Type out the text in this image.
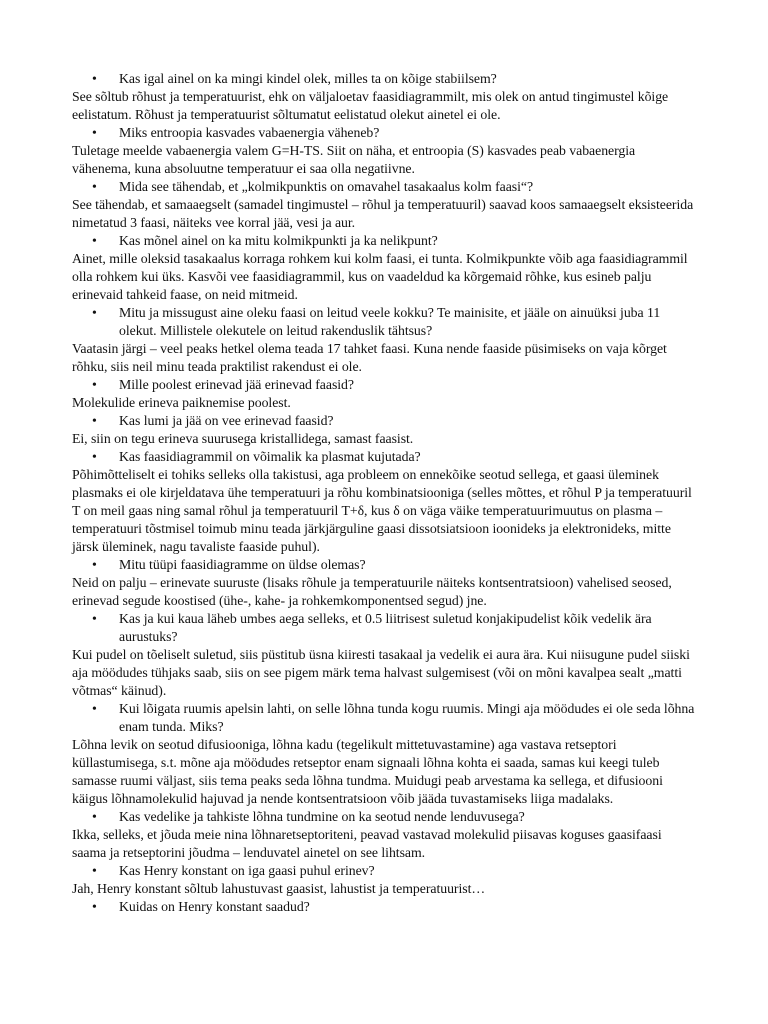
• Kas igal ainel on ka mingi kindel olek, milles ta on kõige stabiilsem?

See sõltub rõhust ja temperatuurist, ehk on väljaloetav faasidiagrammilt, mis olek on antud tingimustel kõige eelistatum. Rõhust ja temperatuurist sõltumatut eelistatud olekut ainetel ei ole.

• Miks entroopia kasvades vabaenergia väheneb?

Tuletage meelde vabaenergia valem G=H-TS. Siit on näha, et entroopia (S) kasvades peab vabaenergia vähenema, kuna absoluutne temperatuur ei saa olla negatiivne.

• Mida see tähendab, et „kolmikpunktis on omavahel tasakaalus kolm faasi“?

See tähendab, et samaaegselt (samadel tingimustel – rõhul ja temperatuuril) saavad koos samaaegselt eksisteerida nimetatud 3 faasi, näiteks vee korral jää, vesi ja aur.

• Kas mõnel ainel on ka mitu kolmikpunkti ja ka nelikpunt?

Ainet, mille oleksid tasakaalus korraga rohkem kui kolm faasi, ei tunta. Kolmikpunkte võib aga faasidiagrammil olla rohkem kui üks. Kasvõi vee faasidiagrammil, kus on vaadeldud ka kõrgemaid rõhke, kus esineb palju erinevaid tahkeid faase, on neid mitmeid.

• Mitu ja missugust aine oleku faasi on leitud veele kokku? Te mainisite, et jääle on ainuüksi juba 11 olekut. Millistele olekutele on leitud rakenduslik tähtsus?

Vaatasin järgi – veel peaks hetkel olema teada 17 tahket faasi. Kuna nende faaside püsimiseks on vaja kõrget rõhku, siis neil minu teada praktilist rakendust ei ole.

• Mille poolest erinevad jää erinevad faasid?

Molekulide erineva paiknemise poolest.

• Kas lumi ja jää on vee erinevad faasid?

Ei, siin on tegu erineva suurusega kristallidega, samast faasist.

• Kas faasidiagrammil on võimalik ka plasmat kujutada?

Põhimõtteliselt ei tohiks selleks olla takistusi, aga probleem on ennekõike seotud sellega, et gaasi üleminek plasmaks ei ole kirjeldatava ühe temperatuuri ja rõhu kombinatsiooniga (selles mõttes, et rõhul P ja temperatuuril T on meil gaas ning samal rõhul ja temperatuuril T+δ, kus δ on väga väike temperatuurimuutus on plasma – temperatuuri tõstmisel toimub minu teada järkjärguline gaasi dissotsiatsioon ioonideks ja elektronideks, mitte järsk üleminek, nagu tavaliste faaside puhul).

• Mitu tüüpi faasidiagramme on üldse olemas?

Neid on palju – erinevate suuruste (lisaks rõhule ja temperatuurile näiteks kontsentratsioon) vahelised seosed, erinevad segude koostised (ühe-, kahe- ja rohkemkomponentsed segud) jne.

• Kas ja kui kaua läheb umbes aega selleks, et 0.5 liitrisest suletud konjakipudelist kõik vedelik ära aurustuks?

Kui pudel on tõeliselt suletud, siis püstitub üsna kiiresti tasakaal ja vedelik ei aura ära. Kui niisugune pudel siiski aja möödudes tühjaks saab, siis on see pigem märk tema halvast sulgemisest (või on mõni kavalpea sealt „matti võtmas“ käinud).

• Kui lõigata ruumis apelsin lahti, on selle lõhna tunda kogu ruumis. Mingi aja möödudes ei ole seda lõhna enam tunda. Miks?

Lõhna levik on seotud difusiooniga, lõhna kadu (tegelikult mittetuvastamine) aga vastava retseptori küllastumisega, s.t. mõne aja möödudes retseptor enam signaali lõhna kohta ei saada, samas kui keegi tuleb samasse ruumi väljast, siis tema peaks seda lõhna tundma. Muidugi peab arvestama ka sellega, et difusiooni käigus lõhnamolekulid hajuvad ja nende kontsentratsioon võib jääda tuvastamiseks liiga madalaks.

• Kas vedelike ja tahkiste lõhna tundmine on ka seotud nende lenduvusega?

Ikka, selleks, et jõuda meie nina lõhnaretseptoriteni, peavad vastavad molekulid piisavas koguses gaasifaasi saama ja retseptorini jõudma – lenduvatel ainetel on see lihtsam.

• Kas Henry konstant on iga gaasi puhul erinev?

Jah, Henry konstant sõltub lahustuvast gaasist, lahustist ja temperatuurist…

• Kuidas on Henry konstant saadud?
